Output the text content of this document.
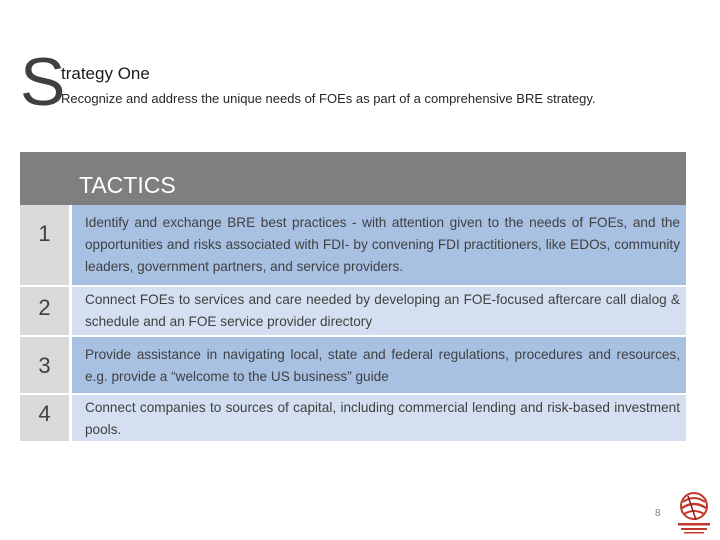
S
trategy One
Recognize and address the unique needs of FOEs as part of a comprehensive BRE strategy.
TACTICS
1	Identify and exchange BRE best practices - with attention given to the needs of FOEs, and the opportunities and risks associated with FDI- by convening FDI practitioners, like EDOs, community leaders, government partners, and service providers.
2	Connect FOEs to services and care needed by developing an FOE-focused aftercare call dialog & schedule and an FOE service provider directory
3	Provide assistance in navigating local, state and federal regulations, procedures and resources, e.g. provide a “welcome to the US business” guide
4	Connect companies to sources of capital, including commercial lending and risk-based investment pools.
8
